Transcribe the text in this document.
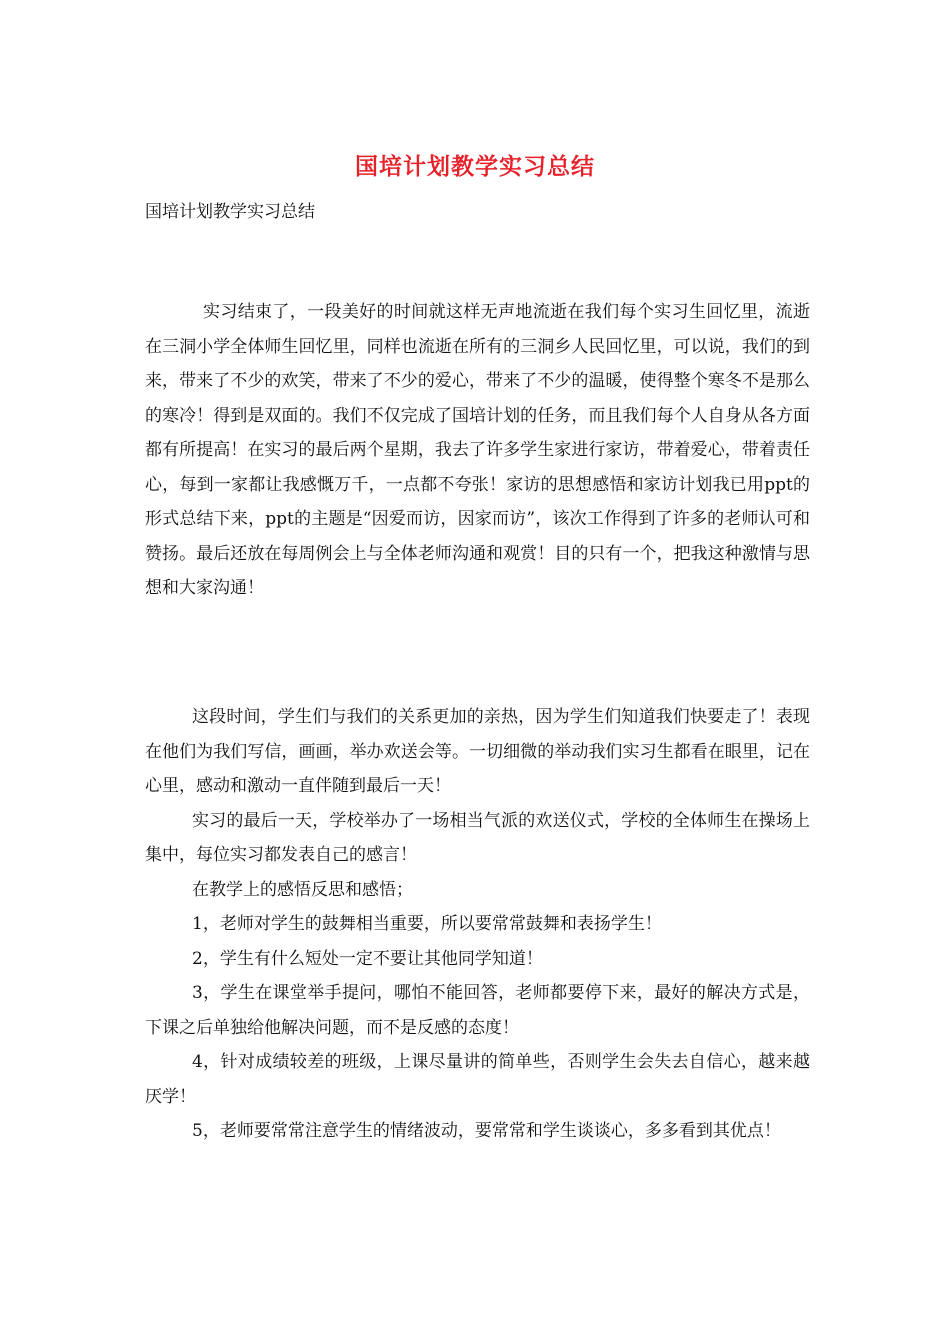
国培计划教学实习总结
国培计划教学实习总结

实习结束了，一段美好的时间就这样无声地流逝在我们每个实习生回忆里，流逝在三洞小学全体师生回忆里，同样也流逝在所有的三洞乡人民回忆里，可以说，我们的到来，带来了不少的欢笑，带来了不少的爱心，带来了不少的温暖，使得整个寒冬不是那么的寒冷！得到是双面的。我们不仅完成了国培计划的任务，而且我们每个人自身从各方面都有所提高！在实习的最后两个星期，我去了许多学生家进行家访，带着爱心，带着责任心，每到一家都让我感慨万千，一点都不夸张！家访的思想感悟和家访计划我已用ppt的形式总结下来，ppt的主题是“因爱而访，因家而访”，该次工作得到了许多的老师认可和赞扬。最后还放在每周例会上与全体老师沟通和观赏！目的只有一个，把我这种激情与思想和大家沟通！

这段时间，学生们与我们的关系更加的亲热，因为学生们知道我们快要走了！表现在他们为我们写信，画画，举办欢送会等。一切细微的举动我们实习生都看在眼里，记在心里，感动和激动一直伴随到最后一天！

实习的最后一天，学校举办了一场相当气派的欢送仪式，学校的全体师生在操场上集中，每位实习都发表自己的感言！

在教学上的感悟反思和感悟；

1，老师对学生的鼓舞相当重要，所以要常常鼓舞和表扬学生！

2，学生有什么短处一定不要让其他同学知道！

3，学生在课堂举手提问，哪怕不能回答，老师都要停下来，最好的解决方式是，下课之后单独给他解决问题，而不是反感的态度！

4，针对成绩较差的班级，上课尽量讲的简单些，否则学生会失去自信心，越来越厌学！

5，老师要常常注意学生的情绪波动，要常常和学生谈谈心，多多看到其优点！
